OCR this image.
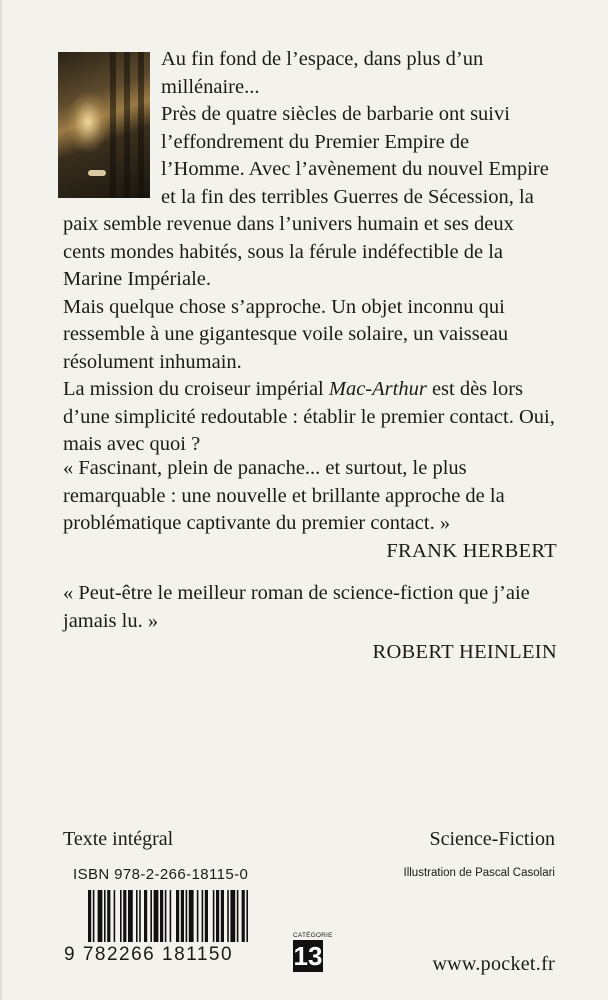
Au fin fond de l’espace, dans plus d’un millénaire...

Près de quatre siècles de barbarie ont suivi l’effondrement du Premier Empire de l’Homme. Avec l’avènement du nouvel Empire et la fin des terribles Guerres de Sécession, la paix semble revenue dans l’univers humain et ses deux cents mondes habités, sous la férule indéfectible de la Marine Impériale.

Mais quelque chose s’approche. Un objet inconnu qui ressemble à une gigantesque voile solaire, un vaisseau résolument inhumain.

La mission du croiseur impérial Mac-Arthur est dès lors d’une simplicité redoutable : établir le premier contact. Oui, mais avec quoi ?

« Fascinant, plein de panache... et surtout, le plus remarquable : une nouvelle et brillante approche de la problématique captivante du premier contact. »
FRANK HERBERT
« Peut-être le meilleur roman de science-fiction que j’aie jamais lu. »
ROBERT HEINLEIN
Texte intégral	Science-Fiction
ISBN 978-2-266-18115-0	Illustration de Pascal Casolari
9 782266 181150
CATÉGORIE
13	www.pocket.fr
